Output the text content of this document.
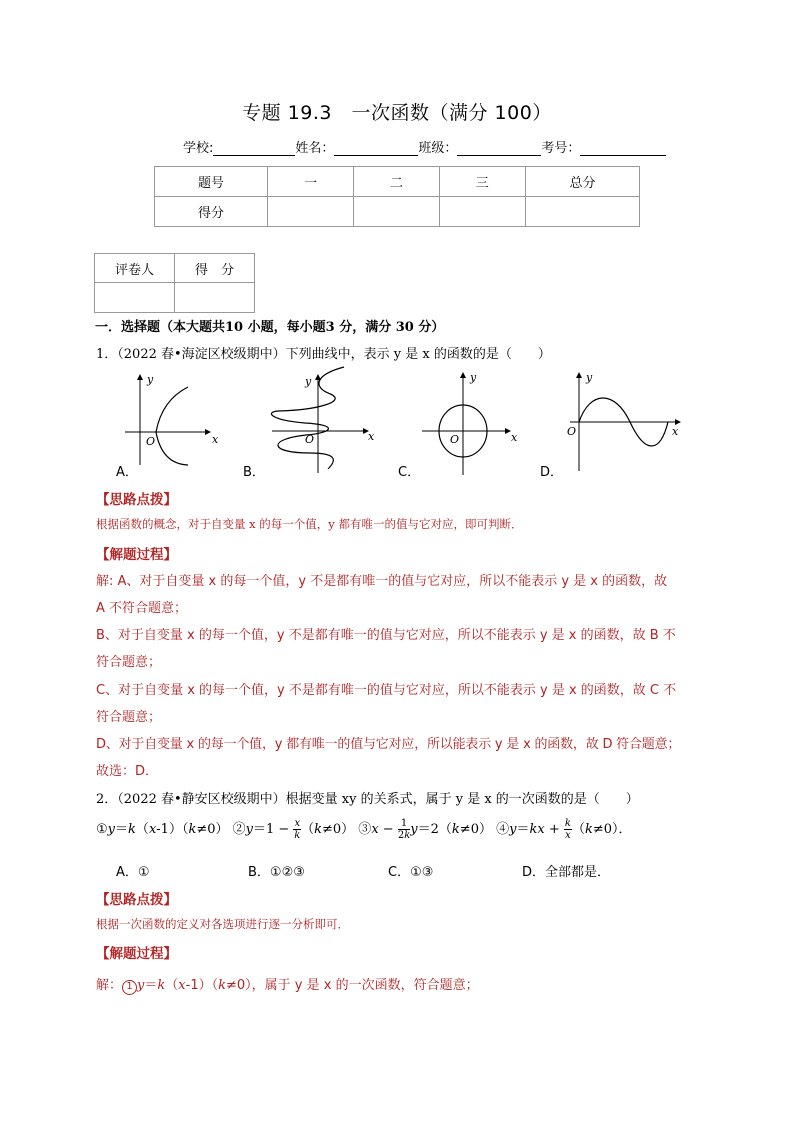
专题 19.3　一次函数（满分 100）
学校:	姓名：	班级：	考号：
题号	一	二	三	总分
得分				
评卷人	得　分

一．选择题（本大题共10 小题，每小题3 分，满分 30 分）
1．（2022 春•海淀区校级期中）下列曲线中，表示 y 是 x 的函数的是（　　）
y
x
O
y
x
O
y
x
O
y
x
O
A．	B．	C．	D．
【思路点拨】
根据函数的概念，对于自变量 x 的每一个值，y 都有唯一的值与它对应，即可判断．
【解题过程】
解: A、对于自变量 x 的每一个值，y 不是都有唯一的值与它对应，所以不能表示 y 是 x 的函数，故
A 不符合题意；
B、对于自变量 x 的每一个值，y 不是都有唯一的值与它对应，所以不能表示 y 是 x 的函数，故 B 不
符合题意；
C、对于自变量 x 的每一个值，y 不是都有唯一的值与它对应，所以不能表示 y 是 x 的函数，故 C 不
符合题意；
D、对于自变量 x 的每一个值，y 都有唯一的值与它对应，所以能表示 y 是 x 的函数，故 D 符合题意；
故选：D．
2．（2022 春•静安区校级期中）根据变量 xy 的关系式，属于 y 是 x 的一次函数的是（　　）
①y＝k（x-1）（k≠0） ②y＝1 − $\frac{x}{k} (k\ne 0)$ ③x − $\frac{1}{2k} y=2(k\ne 0)$ ④y＝kx + $\frac{k}{x} (k\ne 0)$．
A．①	B．①②③	C．①③	D．全部都是．
【思路点拨】
根据一次函数的定义对各选项进行逐一分析即可．
【解题过程】
解： 1 y＝k（x-1）（k≠0），属于 y 是 x 的一次函数，符合题意；
